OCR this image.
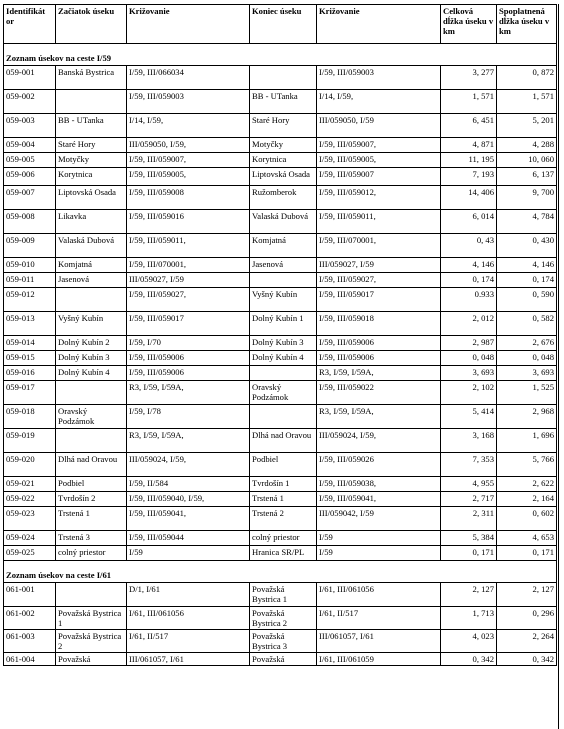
Identifikát or	Začiatok úseku	Križovanie	Koniec úseku	Križovanie	Celková dĺžka úseku v km	Spoplatnená dĺžka úseku v km
Zoznam úsekov na ceste I/59						
059-001	Banská Bystrica	I/59, III/066034		I/59, III/059003	3, 277	0, 872
059-002		I/59, III/059003	BB - UTanka	I/14, I/59,	1, 571	1, 571
059-003	BB - UTanka	I/14, I/59,	Staré Hory	III/059050, I/59	6, 451	5, 201
059-004	Staré Hory	III/059050, I/59,	Motyčky	I/59, III/059007,	4, 871	4, 288
059-005	Motyčky	I/59, III/059007,	Korytnica	I/59, III/059005,	11, 195	10, 060
059-006	Korytnica	I/59, III/059005,	Liptovská Osada	I/59, III/059007	7, 193	6, 137
059-007	Liptovská Osada	I/59, III/059008	Ružomberok	I/59, III/059012,	14, 406	9, 700
059-008	Likavka	I/59, III/059016	Valaská Dubová	I/59, III/059011,	6, 014	4, 784
059-009	Valaská Dubová	I/59, III/059011,	Komjatná	I/59, III/070001,	0, 43	0, 430
059-010	Komjatná	I/59, III/070001,	Jasenová	III/059027, I/59	4, 146	4, 146
059-011	Jasenová	III/059027, I/59		I/59, III/059027,	0, 174	0, 174
059-012		I/59, III/059027,	Vyšný Kubín	I/59, III/059017	0.933	0, 590
059-013	Vyšný Kubín	I/59, III/059017	Dolný Kubín 1	I/59, III/059018	2, 012	0, 582
059-014	Dolný Kubín 2	I/59, I/70	Dolný Kubín 3	I/59, III/059006	2, 987	2, 676
059-015	Dolný Kubín 3	I/59, III/059006	Dolný Kubín 4	I/59, III/059006	0, 048	0, 048
059-016	Dolný Kubín 4	I/59, III/059006		R3, I/59, I/59A,	3, 693	3, 693
059-017		R3, I/59, I/59A,	Oravský Podzámok	I/59, III/059022	2, 102	1, 525
059-018	Oravský Podzámok	I/59, I/78		R3, I/59, I/59A,	5, 414	2, 968
059-019		R3, I/59, I/59A,	Dlhá nad Oravou	III/059024, I/59,	3, 168	1, 696
059-020	Dlhá nad Oravou	III/059024, I/59,	Podbiel	I/59, III/059026	7, 353	5, 766
059-021	Podbiel	I/59, II/584	Tvrdošín 1	I/59, III/059038,	4, 955	2, 622
059-022	Tvrdošín 2	I/59, III/059040, I/59,	Trstená 1	I/59, III/059041,	2, 717	2, 164
059-023	Trstená 1	I/59, III/059041,	Trstená 2	III/059042, I/59	2, 311	0, 602
059-024	Trstená 3	I/59, III/059044	colný priestor	I/59	5, 384	4, 653
059-025	colný priestor	I/59	Hranica SR/PL	I/59	0, 171	0, 171
Zoznam úsekov na ceste I/61						
061-001		D/1, I/61	Považská Bystrica 1	I/61, III/061056	2, 127	2, 127
061-002	Považská Bystrica 1	I/61, III/061056	Považská Bystrica 2	I/61, II/517	1, 713	0, 296
061-003	Považská Bystrica 2	I/61, II/517	Považská Bystrica 3	III/061057, I/61	4, 023	2, 264
061-004	Považská	III/061057, I/61	Považská	I/61, III/061059	0, 342	0, 342
